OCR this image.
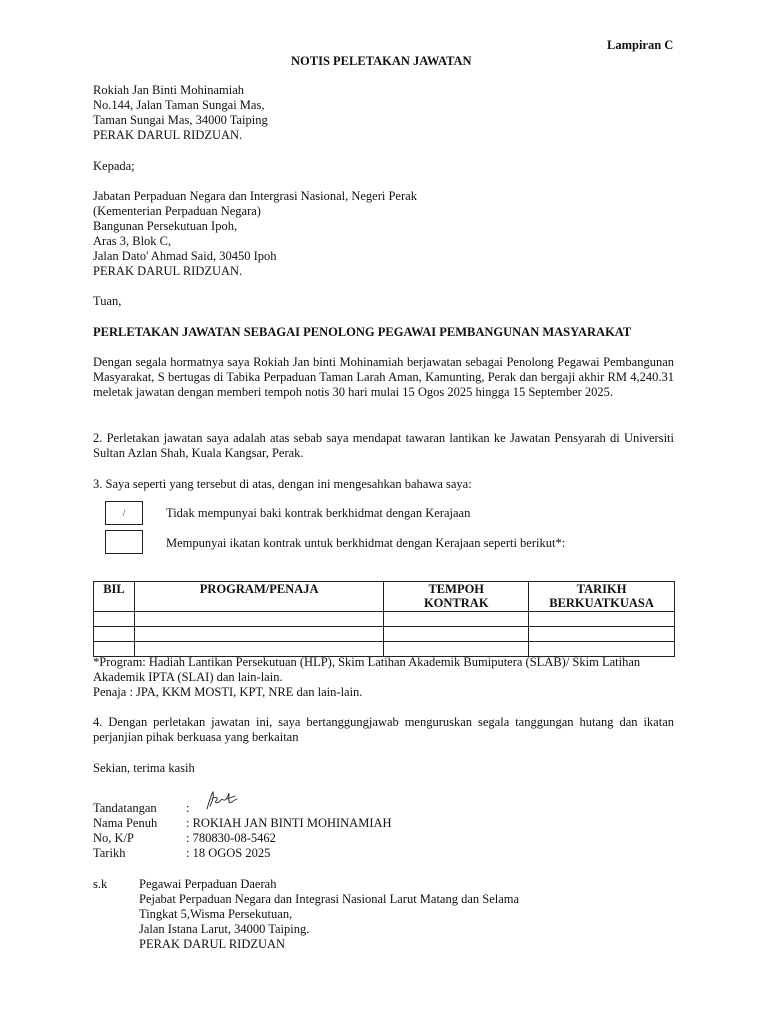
Lampiran C
NOTIS PELETAKAN JAWATAN
Rokiah Jan Binti Mohinamiah
No.144, Jalan Taman Sungai Mas,
Taman Sungai Mas, 34000 Taiping
PERAK DARUL RIDZUAN.
Kepada;
Jabatan Perpaduan Negara dan Intergrasi Nasional, Negeri Perak
(Kementerian Perpaduan Negara)
Bangunan Persekutuan Ipoh,
Aras 3, Blok C,
Jalan Dato' Ahmad Said, 30450 Ipoh
PERAK DARUL RIDZUAN.
Tuan,
PERLETAKAN JAWATAN SEBAGAI PENOLONG PEGAWAI PEMBANGUNAN MASYARAKAT
Dengan segala hormatnya saya Rokiah Jan binti Mohinamiah berjawatan sebagai Penolong Pegawai Pembangunan Masyarakat, S bertugas di Tabika Perpaduan Taman Larah Aman, Kamunting, Perak dan bergaji akhir RM 4,240.31 meletak jawatan dengan memberi tempoh notis 30 hari mulai 15 Ogos 2025 hingga 15 September 2025.
2. Perletakan jawatan saya adalah atas sebab saya mendapat tawaran lantikan ke Jawatan Pensyarah di Universiti Sultan Azlan Shah, Kuala Kangsar, Perak.
3. Saya seperti yang tersebut di atas, dengan ini mengesahkan bahawa saya:
/	Tidak mempunyai baki kontrak berkhidmat dengan Kerajaan
Mempunyai ikatan kontrak untuk berkhidmat dengan Kerajaan seperti berikut*:
BIL	PROGRAM/PENAJA	TEMPOH KONTRAK	TARIKH BERKUATKUASA

*Program: Hadiah Lantikan Persekutuan (HLP), Skim Latihan Akademik Bumiputera (SLAB)/ Skim Latihan Akademik IPTA (SLAI) dan lain-lain.
Penaja : JPA, KKM MOSTI, KPT, NRE dan lain-lain.
4. Dengan perletakan jawatan ini, saya bertanggungjawab menguruskan segala tanggungan hutang dan ikatan perjanjian pihak berkuasa yang berkaitan
Sekian, terima kasih
Tandatangan :
Nama Penuh : ROKIAH JAN BINTI MOHINAMIAH
No, K/P	: 780830-08-5462
Tarikh	: 18 OGOS 2025
s.k	Pegawai Perpaduan Daerah
Pejabat Perpaduan Negara dan Integrasi Nasional Larut Matang dan Selama
Tingkat 5,Wisma Persekutuan,
Jalan Istana Larut, 34000 Taiping.
PERAK DARUL RIDZUAN
